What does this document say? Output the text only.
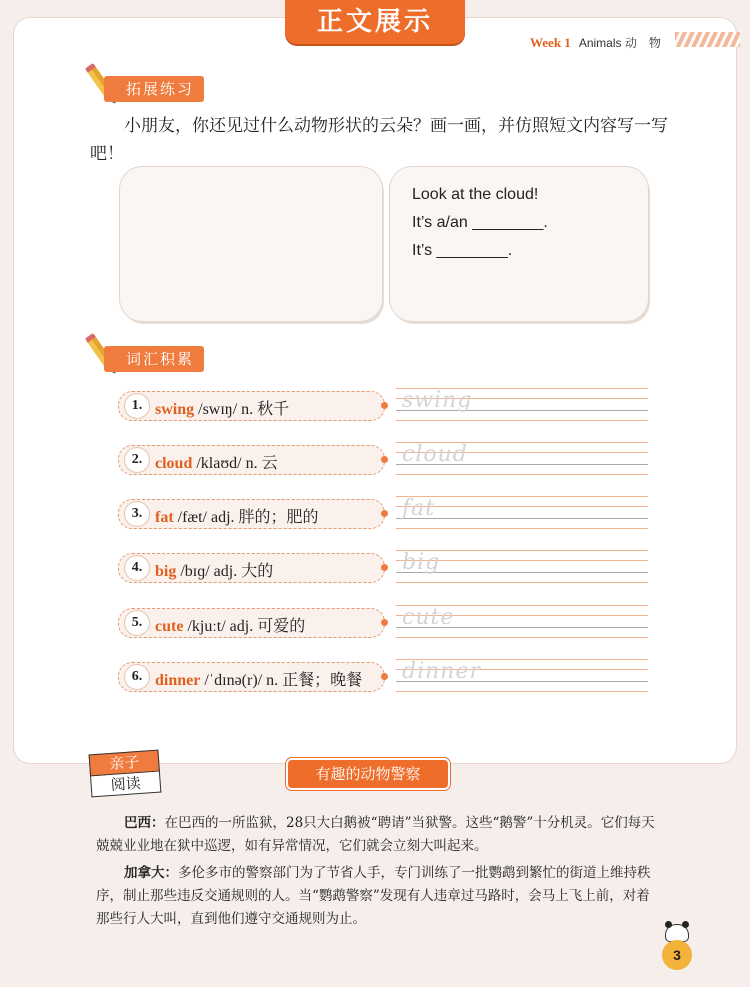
正文展示
Week 1 Animals 动　物
拓展练习
小朋友，你还见过什么动物形状的云朵？画一画，并仿照短文内容写一写吧！
Look at the cloud!
It’s a/an ________.
It’s ________.
词汇积累
1. swing /swɪŋ/ n. 秋千	swing
2. cloud /klaʊd/ n. 云	cloud
3. fat /fæt/ adj. 胖的；肥的	fat
4. big /bɪɡ/ adj. 大的	big
5. cute /kjuːt/ adj. 可爱的	cute
6. dinner /ˈdɪnə(r)/ n. 正餐；晚餐 dinner
亲子
阅读	有趣的动物警察
巴西：在巴西的一所监狱，28只大白鹅被“聘请”当狱警。这些“鹅警”十分机灵。它们每天兢兢业业地在狱中巡逻，如有异常情况，它们就会立刻大叫起来。
加拿大：多伦多市的警察部门为了节省人手，专门训练了一批鹦鹉到繁忙的街道上维持秩序，制止那些违反交通规则的人。当“鹦鹉警察”发现有人违章过马路时，会马上飞上前，对着那些行人大叫，直到他们遵守交通规则为止。
3
